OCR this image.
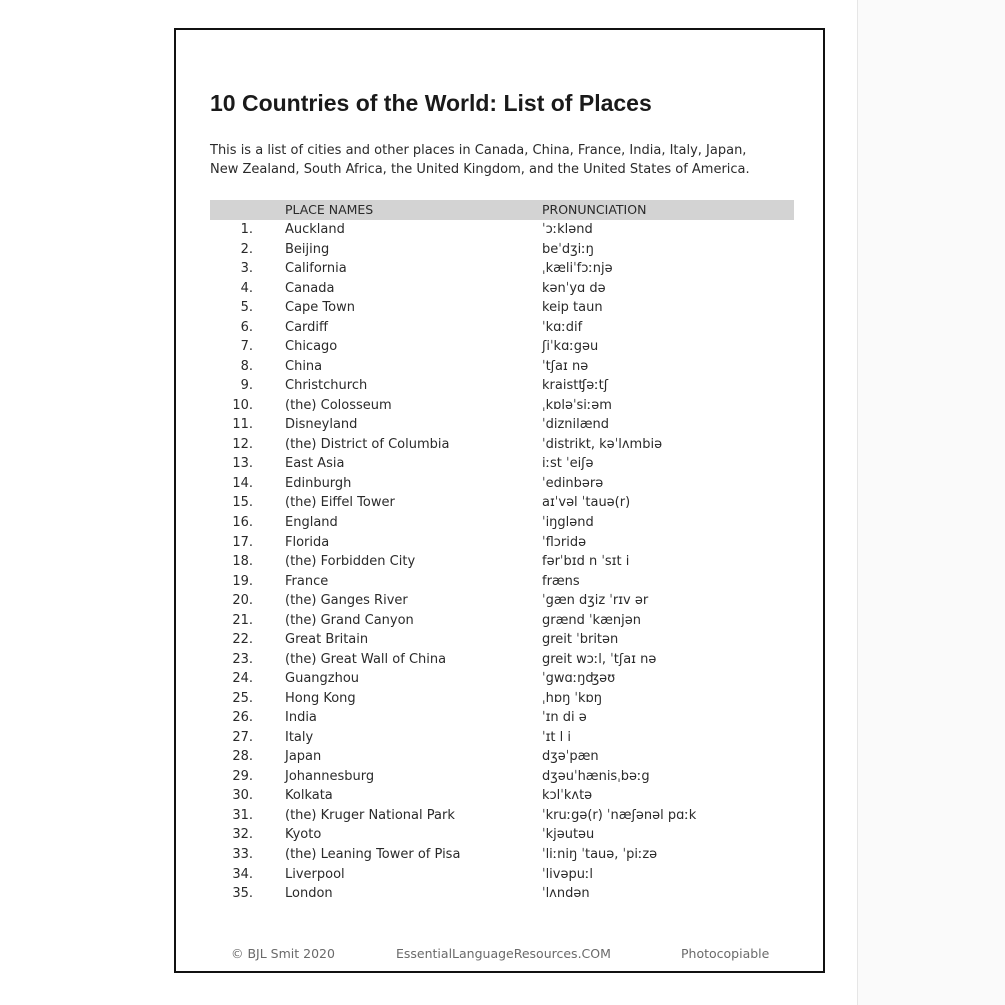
10 Countries of the World: List of Places

This is a list of cities and other places in Canada, China, France, India, Italy, Japan, New Zealand, South Africa, the United Kingdom, and the United States of America.

PLACE NAMES	PRONUNCIATION
1. Auckland	ˈɔːklənd
2. Beijing	beˈdʒiːŋ
3. California	ˌkæliˈfɔːnjə
4. Canada	kənˈyɑ də
5. Cape Town	keip taun
6. Cardiff	ˈkɑːdif
7. Chicago	ʃiˈkɑːgəu
8. China	ˈtʃaɪ nə
9. Christchurch	kraistʧəːtʃ
10. (the) Colosseum	ˌkɒləˈsiːəm
11. Disneyland	ˈdiznilænd
12. (the) District of Columbia	ˈdistrikt, kəˈlʌmbiə
13. East Asia	iːst ˈeiʃə
14. Edinburgh	ˈedinbərə
15. (the) Eiffel Tower	aɪˈvəl ˈtauə(r)
16. England	ˈiŋglənd
17. Florida	ˈflɔridə
18. (the) Forbidden City	fərˈbɪd n ˈsɪt i
19. France	fræns
20. (the) Ganges River	ˈgæn dʒiz ˈrɪv ər
21. (the) Grand Canyon	grænd ˈkænjən
22. Great Britain	greit ˈbritən
23. (the) Great Wall of China	greit wɔːl, ˈtʃaɪ nə
24. Guangzhou	ˈgwɑːŋʤəʊ
25. Hong Kong	ˌhɒŋ ˈkɒŋ
26. India	ˈɪn di ə
27. Italy	ˈɪt l i
28. Japan	dʒəˈpæn
29. Johannesburg	dʒəuˈhænisˌbəːg
30. Kolkata	kɔlˈkʌtə
31. (the) Kruger National Park	ˈkruːgə(r) ˈnæʃənəl pɑːk
32. Kyoto	ˈkjəutəu
33. (the) Leaning Tower of Pisa	ˈliːniŋ ˈtauə, ˈpiːzə
34. Liverpool	ˈlivəpuːl
35. London	ˈlʌndən
© BJL Smit 2020	EssentialLanguageResources.COM	Photocopiable
